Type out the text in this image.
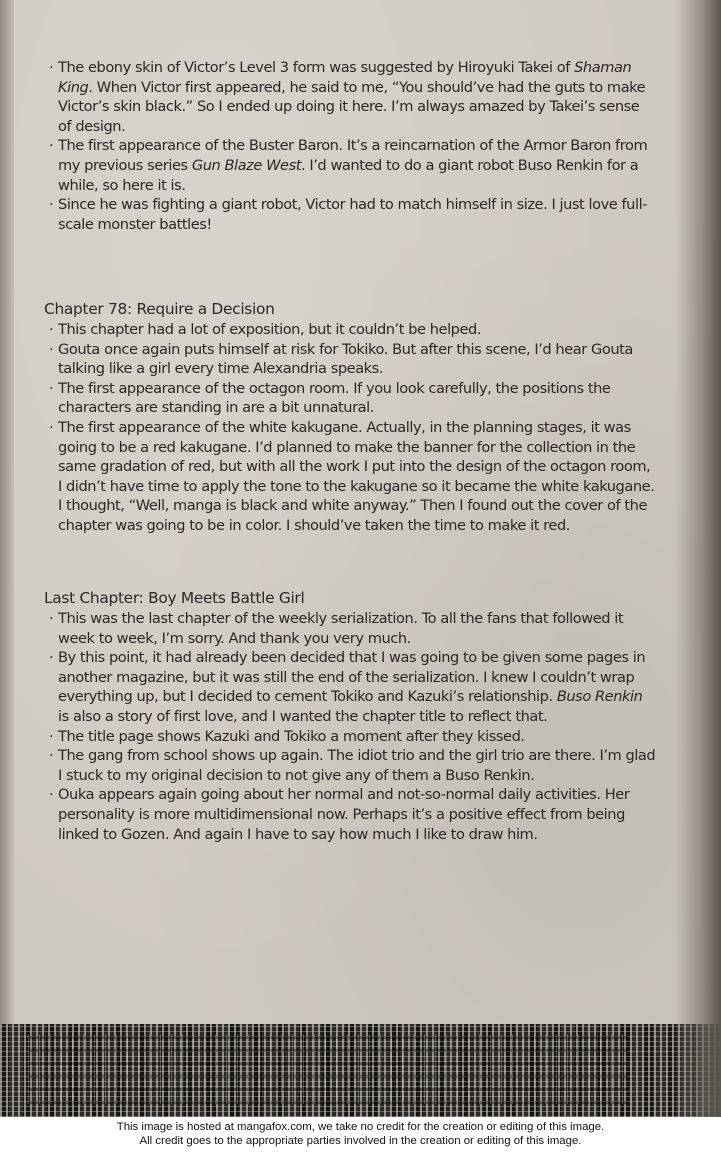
· The ebony skin of Victor’s Level 3 form was suggested by Hiroyuki Takei of Shaman King. When Victor first appeared, he said to me, “You should’ve had the guts to make Victor’s skin black.” So I ended up doing it here. I’m always amazed by Takei’s sense of design.
· The first appearance of the Buster Baron. It’s a reincarnation of the Armor Baron from my previous series Gun Blaze West. I’d wanted to do a giant robot Buso Renkin for a while, so here it is.
· Since he was fighting a giant robot, Victor had to match himself in size. I just love full-scale monster battles!
Chapter 78: Require a Decision
· This chapter had a lot of exposition, but it couldn’t be helped.
· Gouta once again puts himself at risk for Tokiko. But after this scene, I’d hear Gouta talking like a girl every time Alexandria speaks.
· The first appearance of the octagon room. If you look carefully, the positions the characters are standing in are a bit unnatural.
· The first appearance of the white kakugane. Actually, in the planning stages, it was going to be a red kakugane. I’d planned to make the banner for the collection in the same gradation of red, but with all the work I put into the design of the octagon room, I didn’t have time to apply the tone to the kakugane so it became the white kakugane. I thought, “Well, manga is black and white anyway.” Then I found out the cover of the chapter was going to be in color. I should’ve taken the time to make it red.
Last Chapter: Boy Meets Battle Girl
· This was the last chapter of the weekly serialization. To all the fans that followed it week to week, I’m sorry. And thank you very much.
· By this point, it had already been decided that I was going to be given some pages in another magazine, but it was still the end of the serialization. I knew I couldn’t wrap everything up, but I decided to cement Tokiko and Kazuki’s relationship. Buso Renkin is also a story of first love, and I wanted the chapter title to reflect that.
· The title page shows Kazuki and Tokiko a moment after they kissed.
· The gang from school shows up again. The idiot trio and the girl trio are there. I’m glad I stuck to my original decision to not give any of them a Buso Renkin.
· Ouka appears again going about her normal and not-so-normal daily activities. Her personality is more multidimensional now. Perhaps it’s a positive effect from being linked to Gozen. And again I have to say how much I like to draw him.
This image is hosted at mangafox.com, we take no credit for the creation or editing of this image.
All credit goes to the appropriate parties involved in the creation or editing of this image.
